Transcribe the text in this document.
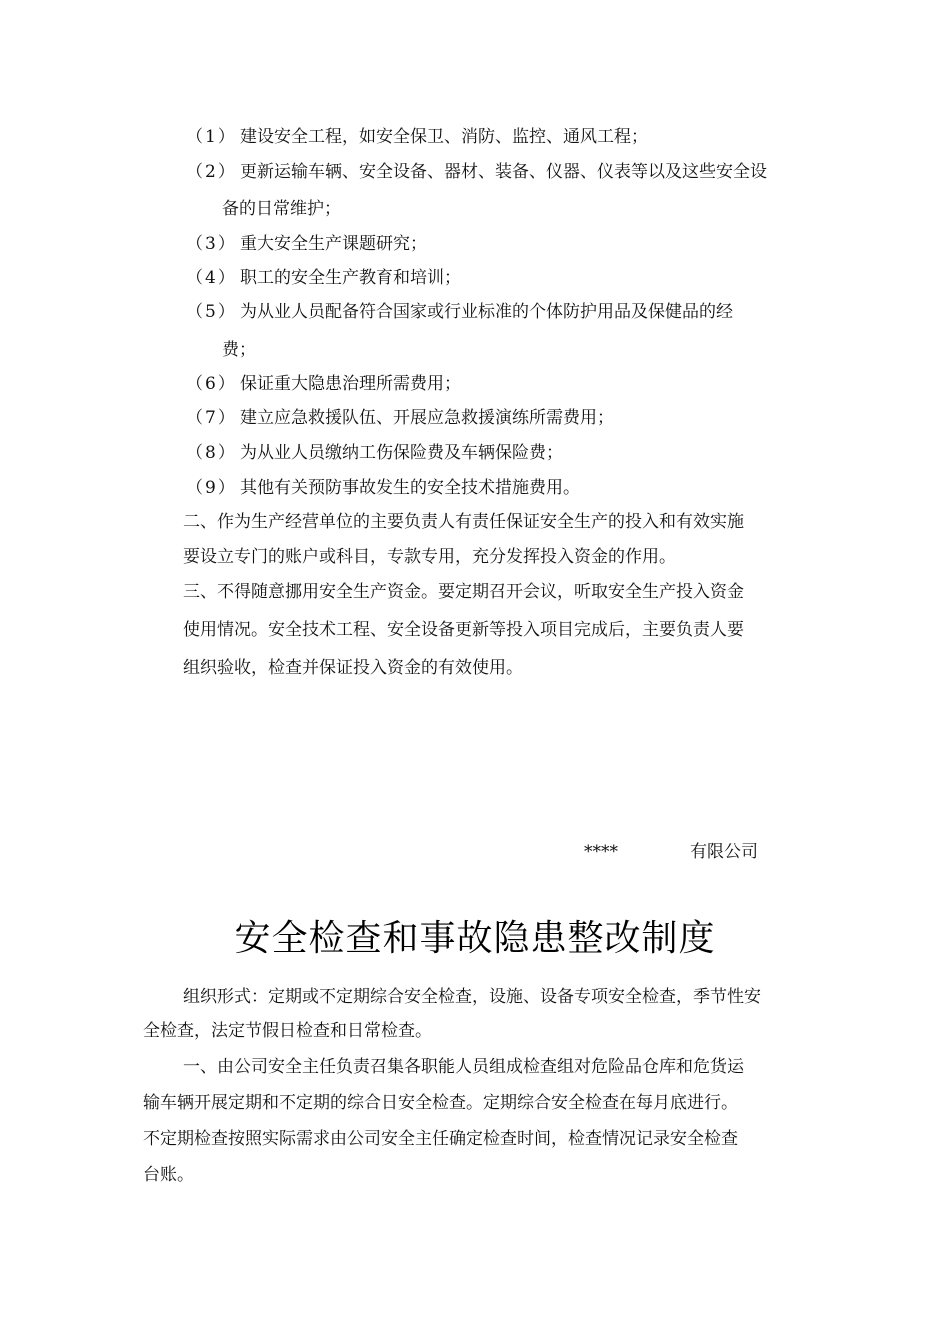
（1） 建设安全工程，如安全保卫、消防、监控、通风工程；
（2） 更新运输车辆、安全设备、器材、装备、仪器、仪表等以及这些安全设
备的日常维护；
（3） 重大安全生产课题研究；
（4） 职工的安全生产教育和培训；
（5） 为从业人员配备符合国家或行业标准的个体防护用品及保健品的经
费；
（6） 保证重大隐患治理所需费用；
（7） 建立应急救援队伍、开展应急救援演练所需费用；
（8） 为从业人员缴纳工伤保险费及车辆保险费；
（9） 其他有关预防事故发生的安全技术措施费用。
二、作为生产经营单位的主要负责人有责任保证安全生产的投入和有效实施
要设立专门的账户或科目，专款专用，充分发挥投入资金的作用。
三、不得随意挪用安全生产资金。要定期召开会议，听取安全生产投入资金
使用情况。安全技术工程、安全设备更新等投入项目完成后，主要负责人要
组织验收，检查并保证投入资金的有效使用。
****	有限公司
安全检查和事故隐患整改制度
组织形式：定期或不定期综合安全检查，设施、设备专项安全检查，季节性安
全检查，法定节假日检查和日常检查。
一、由公司安全主任负责召集各职能人员组成检查组对危险品仓库和危货运
输车辆开展定期和不定期的综合日安全检查。定期综合安全检查在每月底进行。
不定期检查按照实际需求由公司安全主任确定检查时间，检查情况记录安全检查
台账。
